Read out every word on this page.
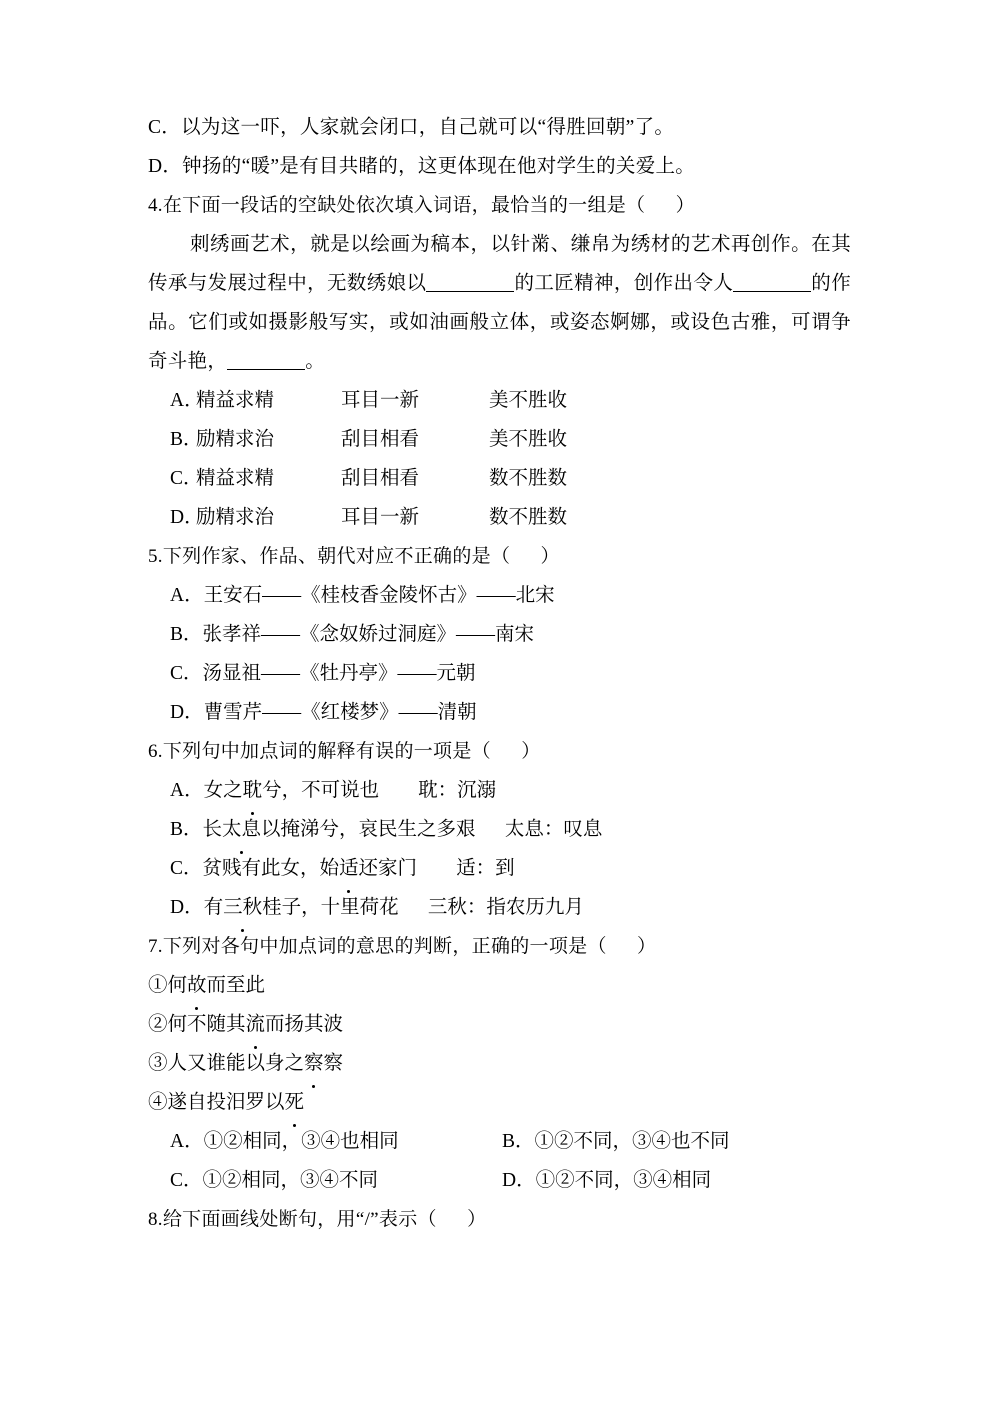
C．以为这一吓，人家就会闭口，自己就可以“得胜回朝”了。
D．钟扬的“暖”是有目共睹的，这更体现在他对学生的关爱上。
4.在下面一段话的空缺处依次填入词语，最恰当的一组是（      ）
刺绣画艺术，就是以绘画为稿本，以针黹、缣帛为绣材的艺术再创作。在其传承与发展过程中，无数绣娘以	的工匠精神，创作出令人	的作品。它们或如摄影般写实，或如油画般立体，或姿态婀娜，或设色古雅，可谓争奇斗艳，	。
A．精益求精	耳目一新	美不胜收
B．励精求治	刮目相看	美不胜收
C．精益求精	刮目相看	数不胜数
D．励精求治	耳目一新	数不胜数
5.下列作家、作品、朝代对应不正确的是（      ）
A．王安石——《桂枝香金陵怀古》——北宋
B．张孝祥——《念奴娇过洞庭》——南宋
C．汤显祖——《牡丹亭》——元朝
D．曹雪芹——《红楼梦》——清朝
6.下列句中加点词的解释有误的一项是（      ）
A．女之耽兮，不可说也 耽：沉溺
B．长太息以掩涕兮，哀民生之多艰 太息：叹息
C．贫贱有此女，始适还家门 适：到
D．有三秋桂子，十里荷花 三秋：指农历九月
7.下列对各句中加点词的意思的判断，正确的一项是（      ）
①何故而至此
②何不随其流而扬其波
③人又谁能以身之察察
④遂自投汨罗以死
A．①②相同，③④也相同	B．①②不同，③④也不同
C．①②相同，③④不同	D．①②不同，③④相同
8.给下面画线处断句，用“/”表示（      ）
